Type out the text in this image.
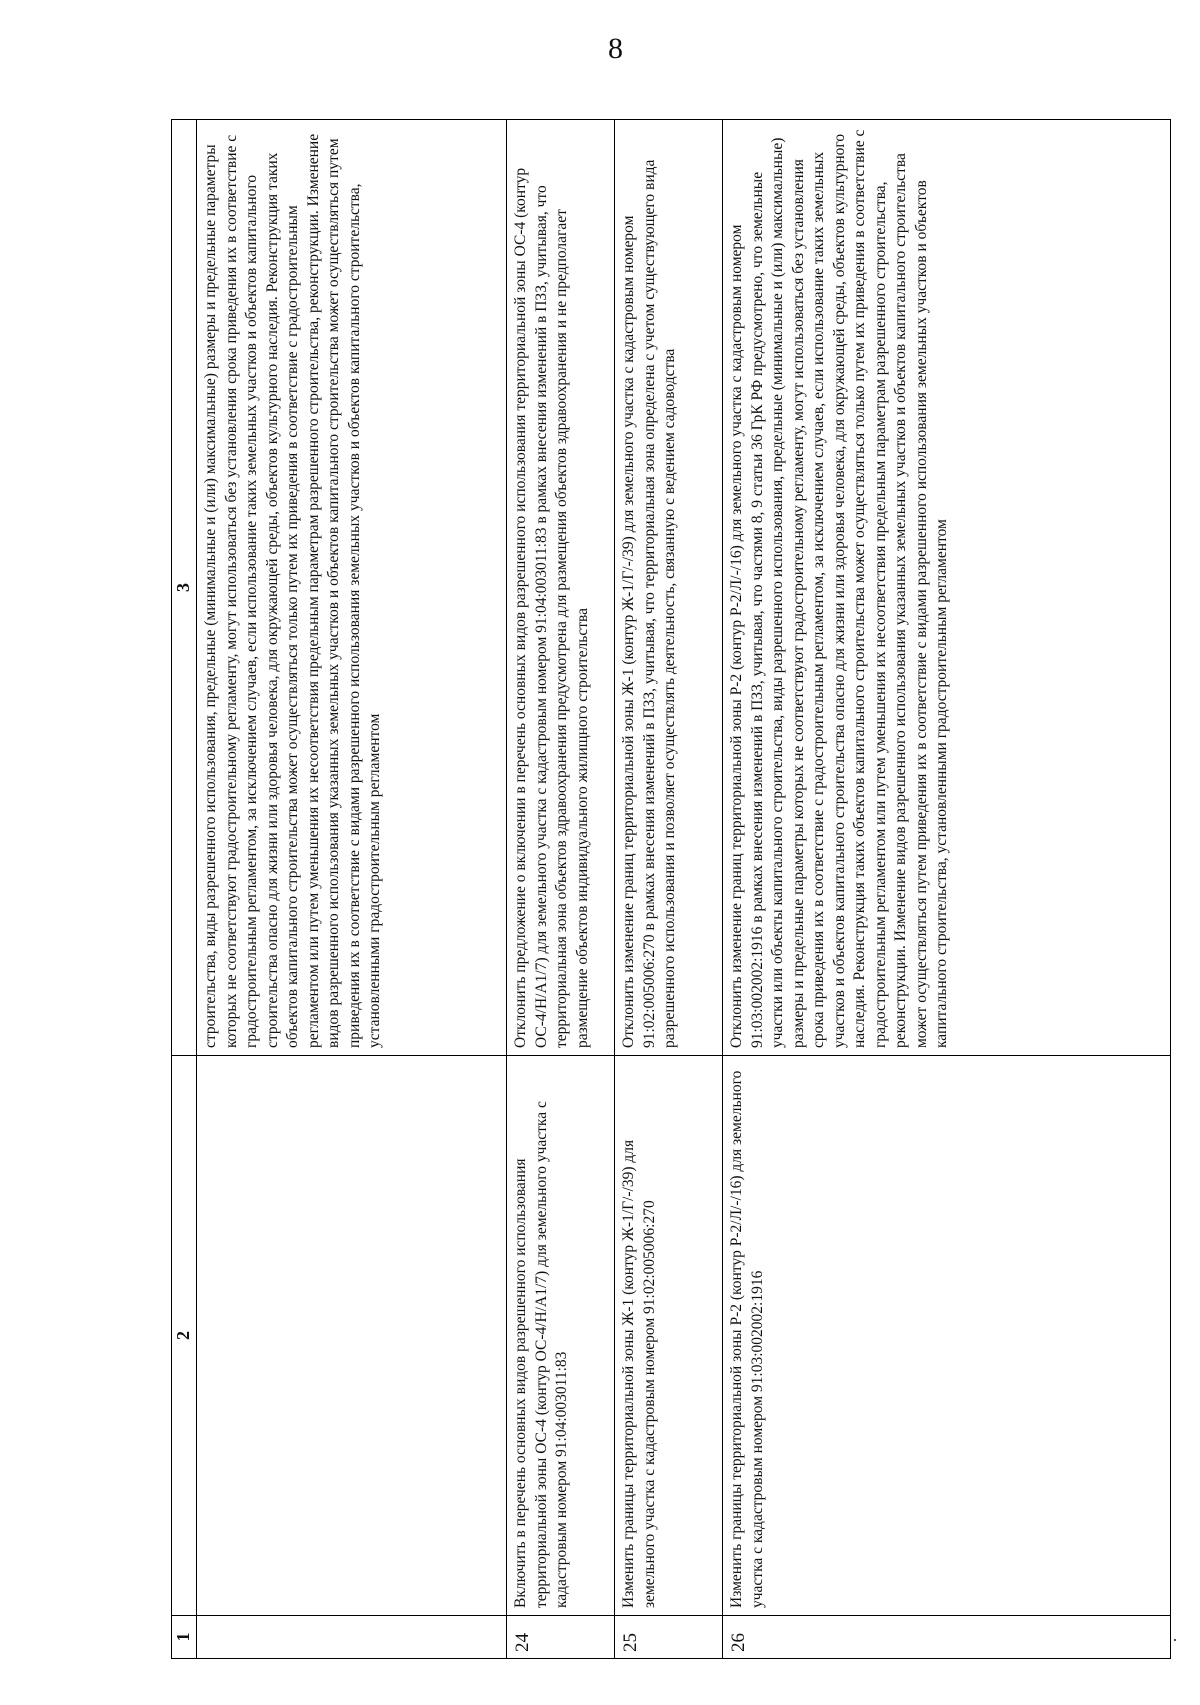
8
1	2	3
		строительства, виды разрешенного использования, предельные (минимальные и (или) максимальные) размеры и предельные параметры которых не соответствуют градостроительному регламенту, могут использоваться без установления срока приведения их в соответствие с градостроительным регламентом, за исключением случаев, если использование таких земельных участков и объектов капитального строительства опасно для жизни или здоровья человека, для окружающей среды, объектов культурного наследия. Реконструкция таких объектов капитального строительства может осуществляться только путем их приведения в соответствие с градостроительным регламентом или путем уменьшения их несоответствия предельным параметрам разрешенного строительства, реконструкции. Изменение видов разрешенного использования указанных земельных участков и объектов капитального строительства может осуществляться путем приведения их в соответствие с видами разрешенного использования земельных участков и объектов капитального строительства, установленными градостроительным регламентом
24	Включить в перечень основных видов разрешенного использования территориальной зоны ОС-4 (контур ОС-4/Н/А1/7) для земельного участка с кадастровым номером 91:04:003011:83	Отклонить предложение о включении в перечень основных видов разрешенного использования территориальной зоны ОС-4 (контур ОС-4/Н/А1/7) для земельного участка с кадастровым номером 91:04:003011:83 в рамках внесения изменений в ПЗЗ, учитывая, что территориальная зона объектов здравоохранения предусмотрена для размещения объектов здравоохранения и не предполагает размещение объектов индивидуального жилищного строительства
25	Изменить границы территориальной зоны Ж-1 (контур Ж-1/Г/-/39) для земельного участка с кадастровым номером 91:02:005006:270	Отклонить изменение границ территориальной зоны Ж-1 (контур Ж-1/Г/-/39) для земельного участка с кадастровым номером 91:02:005006:270 в рамках внесения изменений в ПЗЗ, учитывая, что территориальная зона определена с учетом существующего вида разрешенного использования и позволяет осуществлять деятельность, связанную с ведением садоводства
26	Изменить границы территориальной зоны Р-2 (контур Р-2/Л/-/16) для земельного участка с кадастровым номером 91:03:002002:1916	Отклонить изменение границ территориальной зоны Р-2 (контур Р-2/Л/-/16) для земельного участка с кадастровым номером 91:03:002002:1916 в рамках внесения изменений в ПЗЗ, учитывая, что частями 8, 9 статьи 36 ГрК РФ предусмотрено, что земельные участки или объекты капитального строительства, виды разрешенного использования, предельные (минимальные и (или) максимальные) размеры и предельные параметры которых не соответствуют градостроительному регламенту, могут использоваться без установления срока приведения их в соответствие с градостроительным регламентом, за исключением случаев, если использование таких земельных участков и объектов капитального строительства опасно для жизни или здоровья человека, для окружающей среды, объектов культурного наследия. Реконструкция таких объектов капитального строительства может осуществляться только путем их приведения в соответствие с градостроительным регламентом или путем уменьшения их несоответствия предельным параметрам разрешенного строительства, реконструкции. Изменение видов разрешенного использования указанных земельных участков и объектов капитального строительства может осуществляться путем приведения их в соответствие с видами разрешенного использования земельных участков и объектов капитального строительства, установленными градостроительным регламентом
·
